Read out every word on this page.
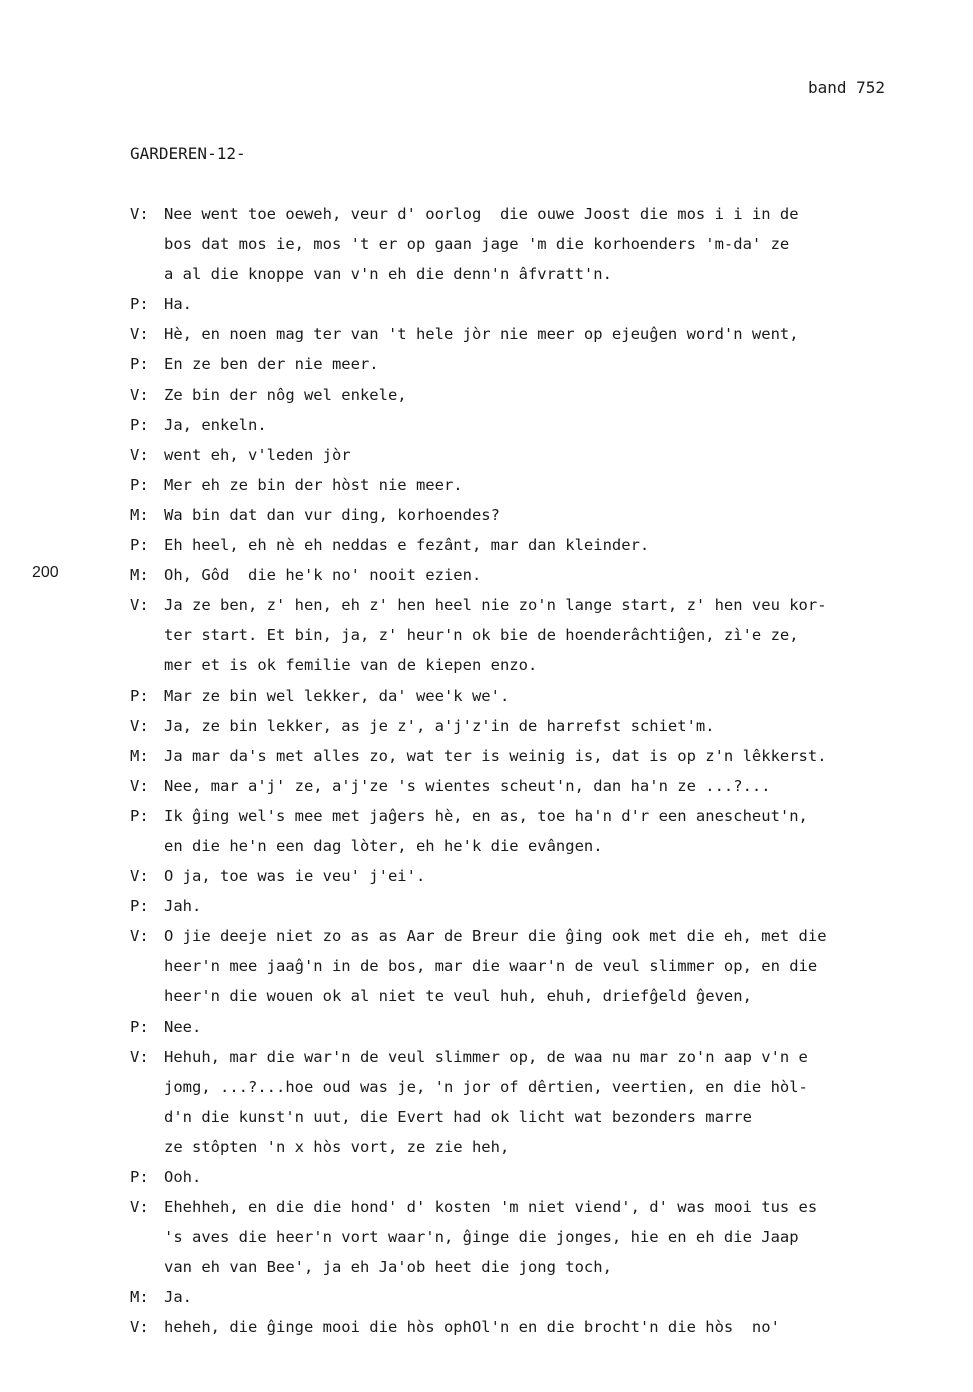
band 752
GARDEREN-12-
200
V: Nee went toe oeweh, veur d' oorlog  die ouwe Joost die mos i i in de
bos dat mos ie, mos 't er op gaan jage 'm die korhoenders 'm-da' ze
a al die knoppe van v'n eh die denn'n âfvratt'n.
P: Ha.
V: Hè, en noen mag ter van 't hele jòr nie meer op ejeuĝen word'n went,
P: En ze ben der nie meer.
V: Ze bin der nôg wel enkele,
P: Ja, enkeln.
V: went eh, v'leden jòr
P: Mer eh ze bin der hòst nie meer.
M: Wa bin dat dan vur ding, korhoendes?
P: Eh heel, eh nè eh neddas e fezânt, mar dan kleinder.
M: Oh, Gôd  die he'k no' nooit ezien.
V: Ja ze ben, z' hen, eh z' hen heel nie zo'n lange start, z' hen veu kor-
ter start. Et bin, ja, z' heur'n ok bie de hoenderâchtiĝen, zì'e ze,
mer et is ok femilie van de kiepen enzo.
P: Mar ze bin wel lekker, da' wee'k we'.
V: Ja, ze bin lekker, as je z', a'j'z'in de harrefst schiet'm.
M: Ja mar da's met alles zo, wat ter is weinig is, dat is op z'n lêkkerst.
V: Nee, mar a'j' ze, a'j'ze 's wientes scheut'n, dan ha'n ze ...?...
P: Ik ĝing wel's mee met jaĝers hè, en as, toe ha'n d'r een anescheut'n,
en die he'n een dag lòter, eh he'k die evângen.
V: O ja, toe was ie veu' j'ei'.
P: Jah.
V: O jie deeje niet zo as as Aar de Breur die ĝing ook met die eh, met die
heer'n mee jaaĝ'n in de bos, mar die waar'n de veul slimmer op, en die
heer'n die wouen ok al niet te veul huh, ehuh, driefĝeld ĝeven,
P: Nee.
V: Hehuh, mar die war'n de veul slimmer op, de waa nu mar zo'n aap v'n e
jomg, ...?...hoe oud was je, 'n jor of dêrtien, veertien, en die hòl-
d'n die kunst'n uut, die Evert had ok licht wat bezonders marre
ze stôpten 'n x hòs vort, ze zie heh,
P: Ooh.
V: Ehehheh, en die die hond' d' kosten 'm niet viend', d' was mooi tus es
's aves die heer'n vort waar'n, ĝinge die jonges, hie en eh die Jaap
van eh van Bee', ja eh Ja'ob heet die jong toch,
M: Ja.
V: heheh, die ĝinge mooi die hòs ophOl'n en die brocht'n die hòs  no'
